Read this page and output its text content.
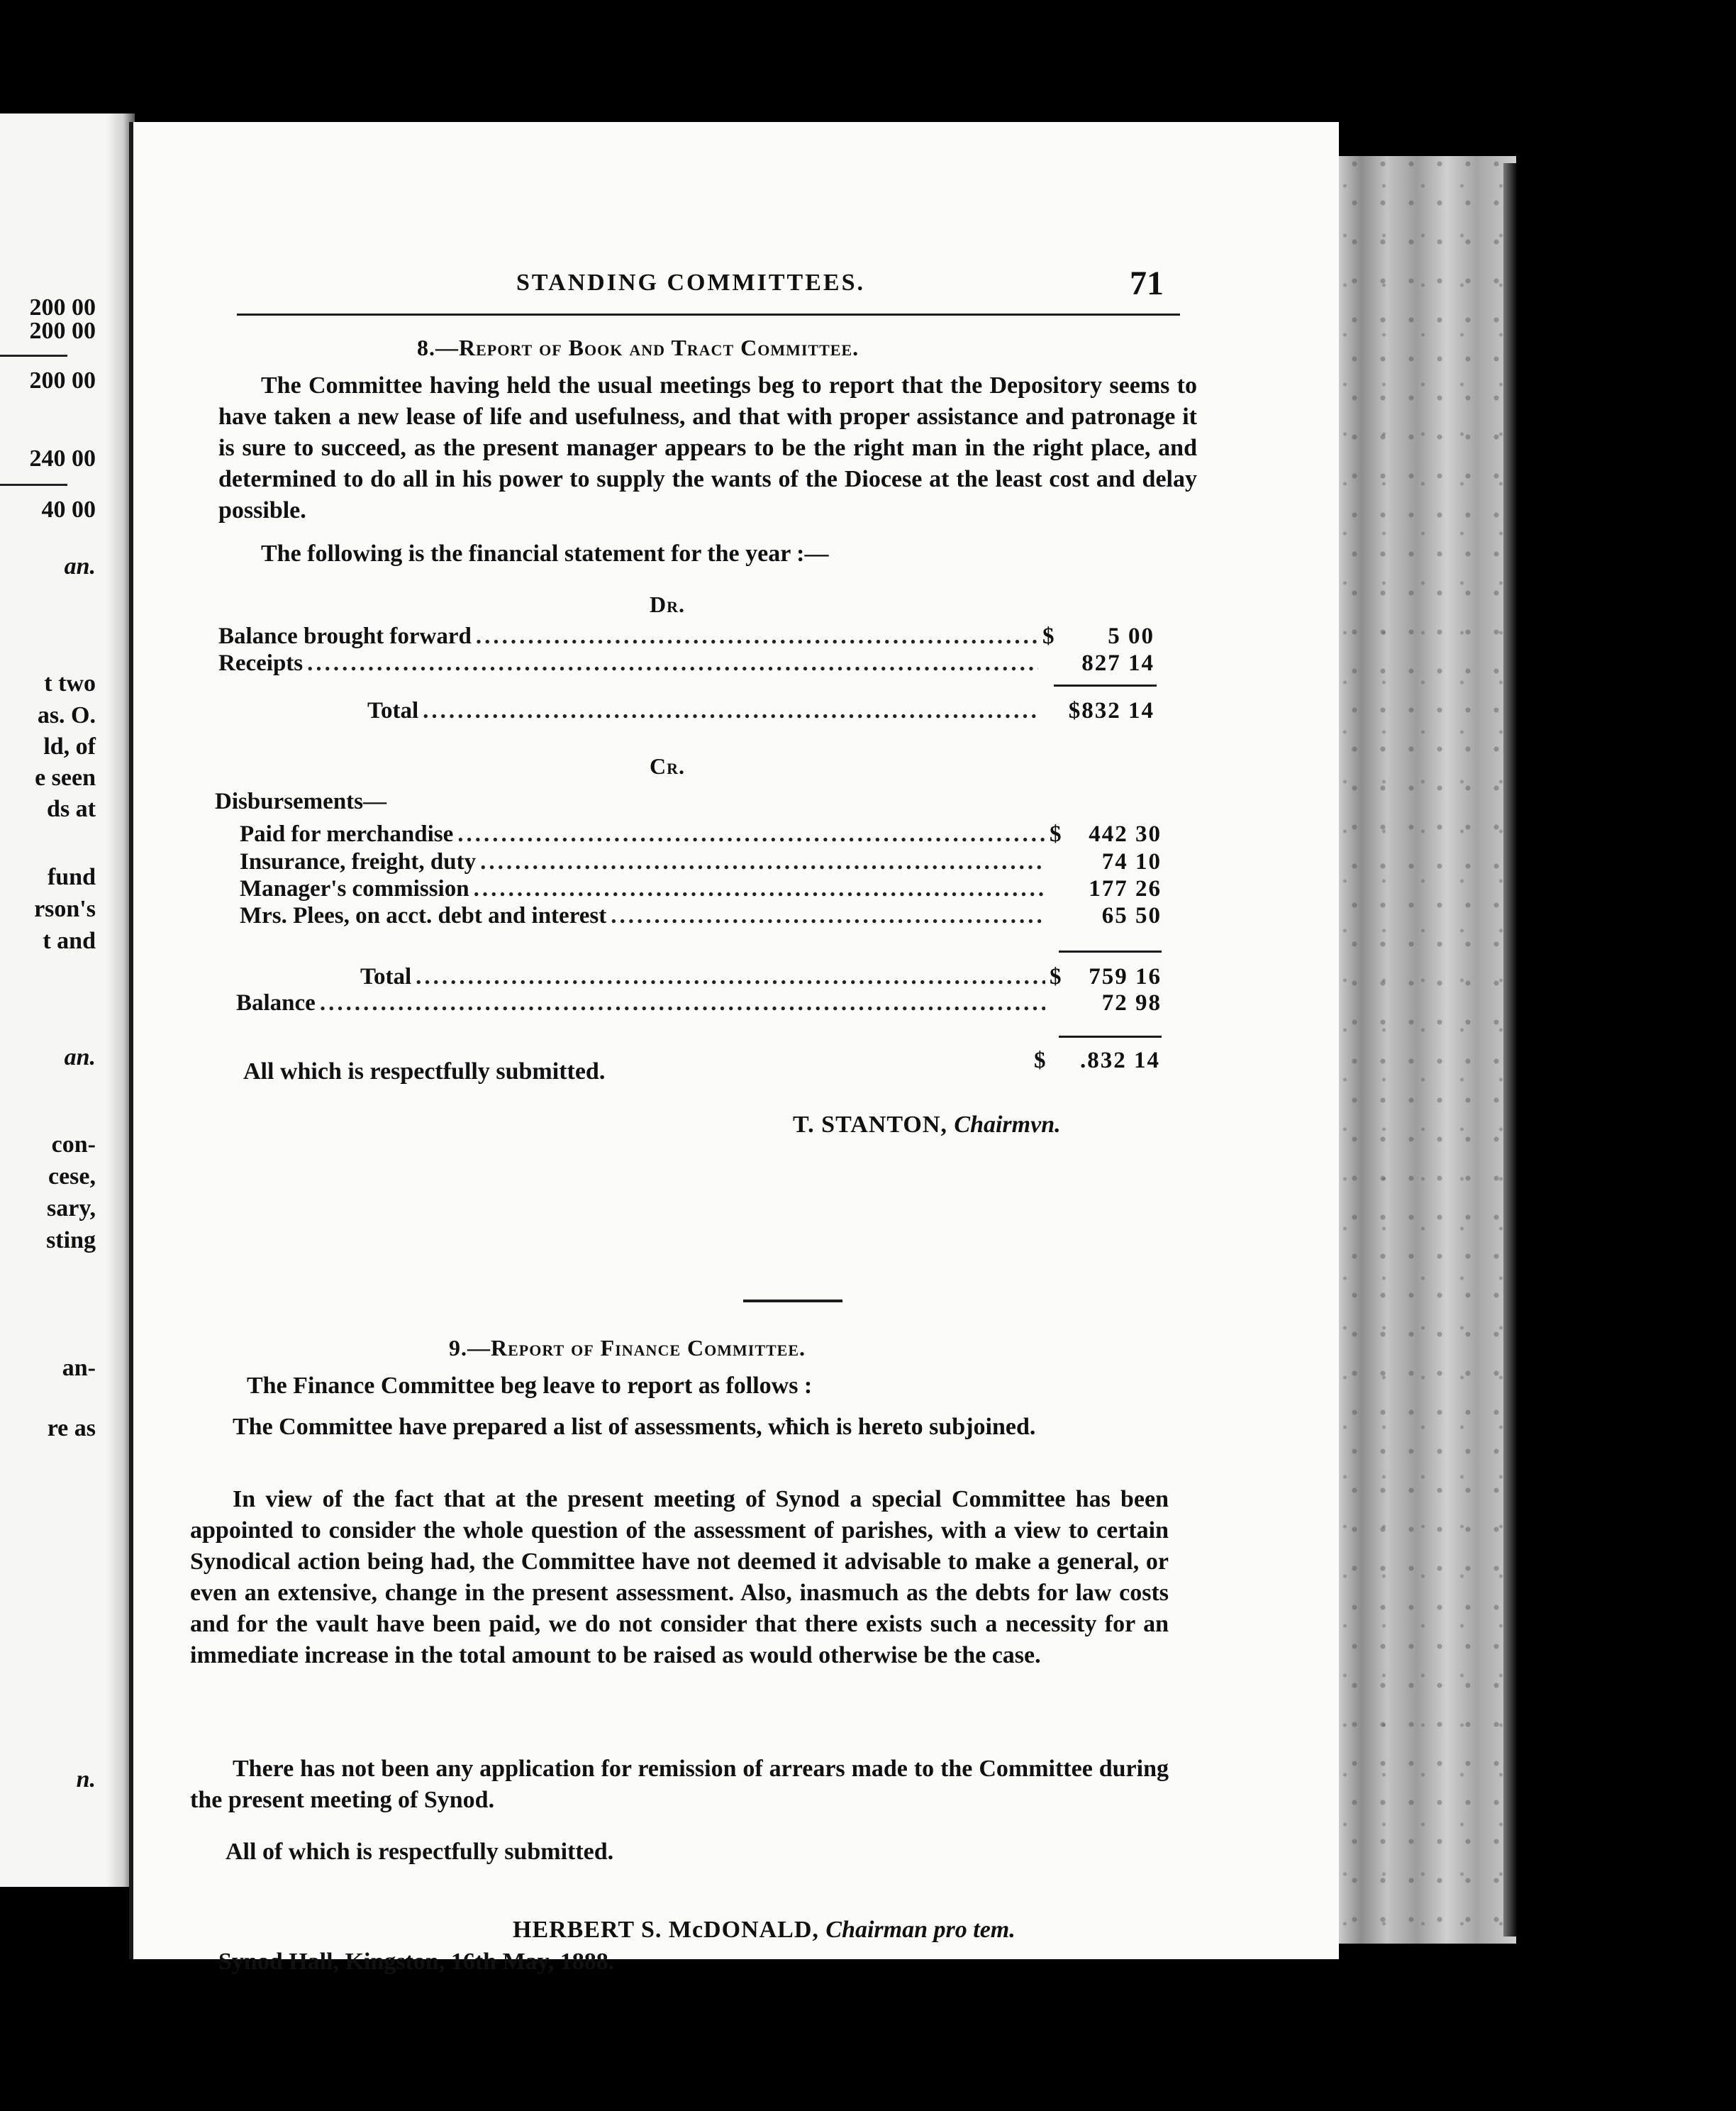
200 00
200 00
200 00
240 00
40 00
an.
t two
as. O.
ld, of
e seen
ds at
fund
rson's
t and
an.
con-
cese,
sary,
sting
an-
re as
n.
STANDING COMMITTEES.	71
8.—Report of Book and Tract Committee.
The Committee having held the usual meetings beg to report that the Depository seems to have taken a new lease of life and usefulness, and that with proper assistance and patronage it is sure to succeed, as the present manager appears to be the right man in the right place, and determined to do all in his power to supply the wants of the Diocese at the least cost and delay possible.
The following is the financial statement for the year :—
Dr.
Balance brought forward .....	$	5 00
Receipts .....	827 14
Total .....	$832 14
Cr.
Disbursements—
Paid for merchandise .....	$	442 30
Insurance, freight, duty .....	74 10
Manager's commission .....	177 26
Mrs. Plees, on acct. debt and interest .....	65 50
Total .....	$	759 16
Balance .....	72 98
$	.832 14
All which is respectfully submitted.
T. STANTON, Chairmvn.
9.—Report of Finance Committee.
The Finance Committee beg leave to report as follows :
The Committee have prepared a list of assessments, wħich is hereto subjoined.
In view of the fact that at the present meeting of Synod a special Committee has been appointed to consider the whole question of the assessment of parishes, with a view to certain Synodical action being had, the Committee have not deemed it advisable to make a general, or even an extensive, change in the present assessment. Also, inasmuch as the debts for law costs and for the vault have been paid, we do not consider that there exists such a necessity for an immediate increase in the total amount to be raised as would otherwise be the case.
There has not been any application for remission of arrears made to the Committee during the present meeting of Synod.
All of which is respectfully submitted.
HERBERT S. McDONALD, Chairman pro tem.
Synod Hall, Kingston, 16th May, 1888.
